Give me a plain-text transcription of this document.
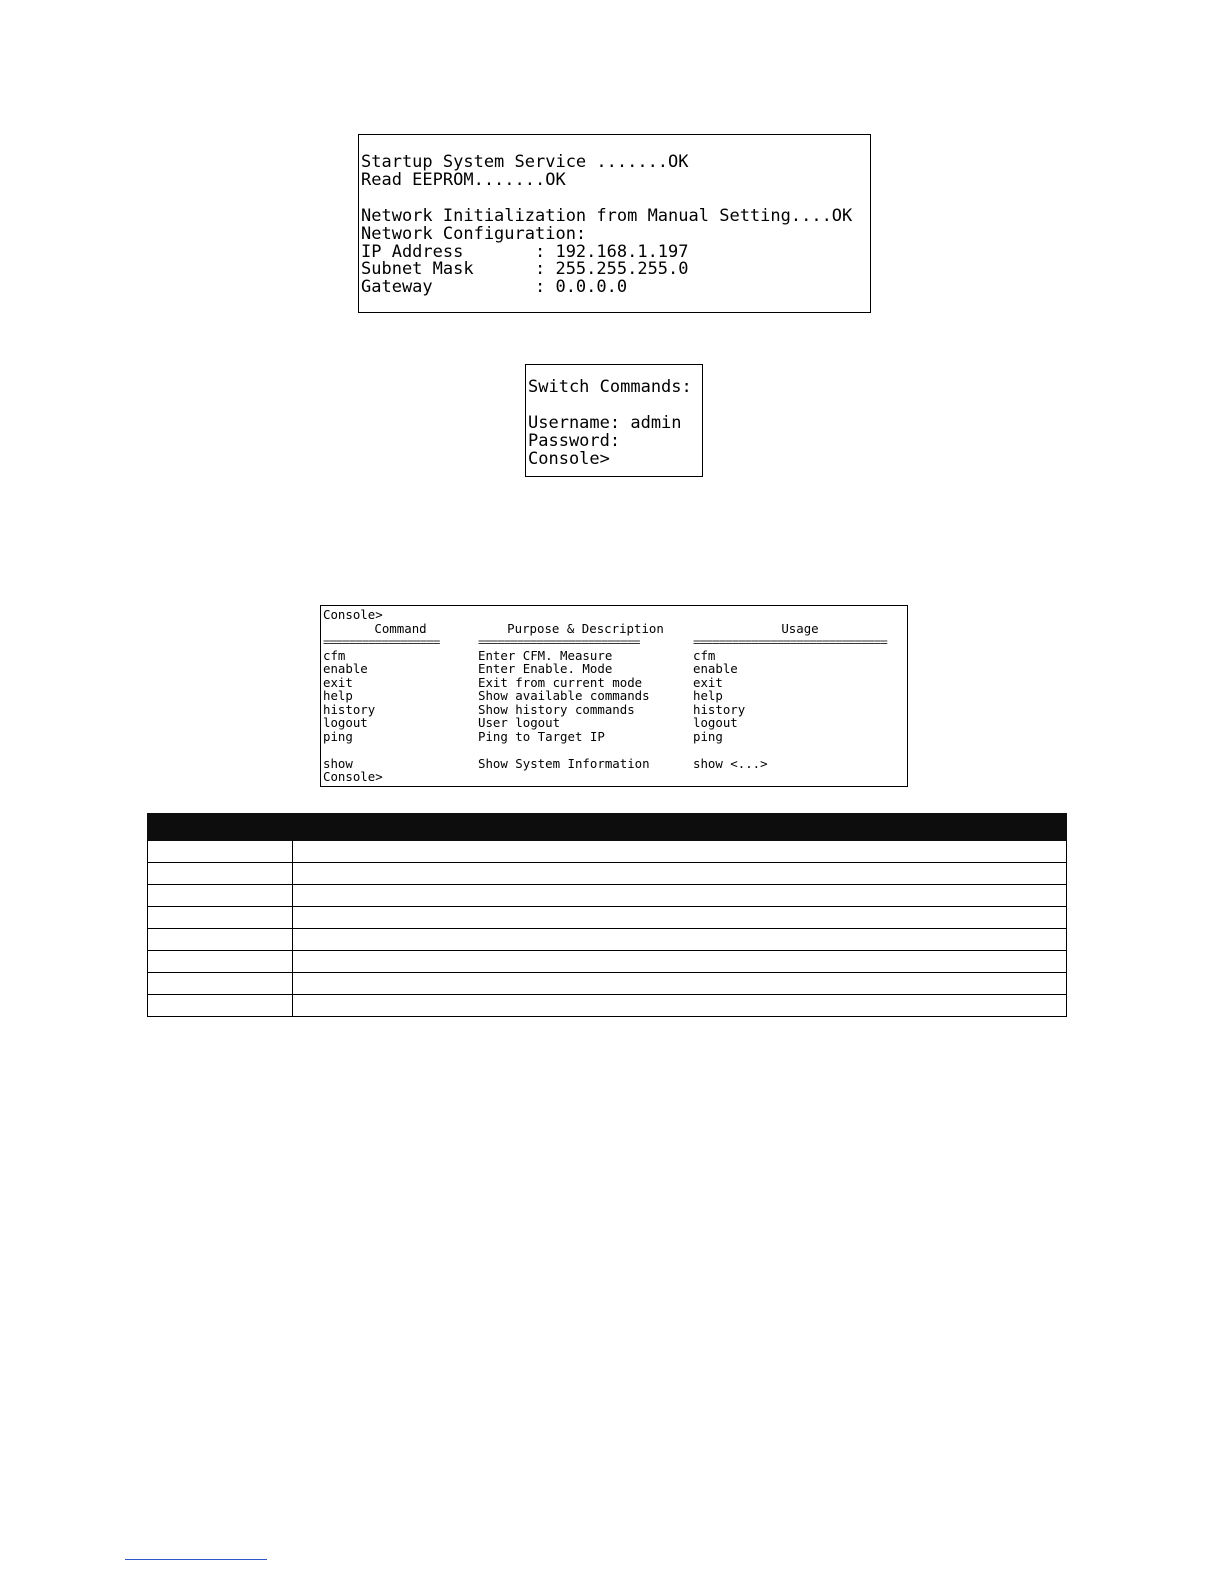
Startup System Service .......OK
Read EEPROM.......OK

Network Initialization from Manual Setting....OK
Network Configuration:
IP Address       : 192.168.1.197
Subnet Mask      : 255.255.255.0
Gateway          : 0.0.0.0
Switch Commands:

Username: admin
Password:
Console>
Console>
Command	Purpose & Description	Usage
==================	=========================	==============================
cfm	Enter CFM. Measure	cfm
enable	Enter Enable. Mode	enable
exit	Exit from current mode	exit
help	Show available commands	help
history	Show history commands	history
logout	User logout	logout
ping	Ping to Target IP	ping
show	Show System Information	show <...>
Console>
